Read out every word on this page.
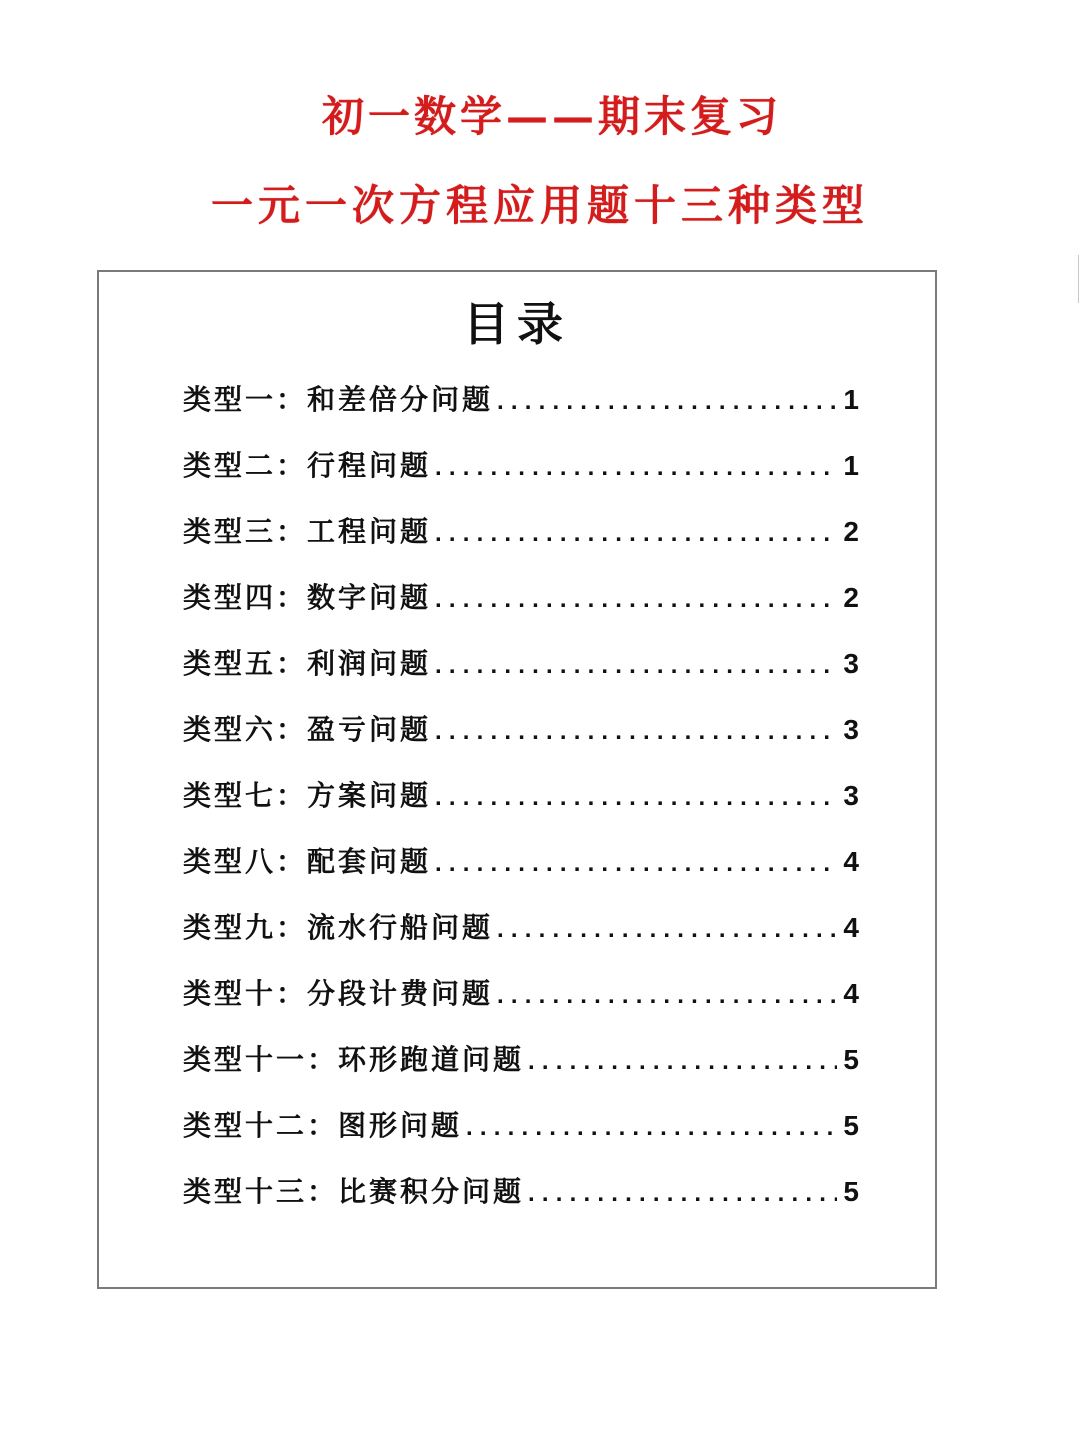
初一数学——期末复习
一元一次方程应用题十三种类型
目录
类型一：和差倍分问题 .....	1
类型二：行程问题 .....	1
类型三：工程问题 .....	2
类型四：数字问题 .....	2
类型五：利润问题 .....	3
类型六：盈亏问题 .....	3
类型七：方案问题 .....	3
类型八：配套问题 .....	4
类型九：流水行船问题 .....	4
类型十：分段计费问题 .....	4
类型十一：环形跑道问题 .....	5
类型十二：图形问题 .....	5
类型十三：比赛积分问题 .....	5
